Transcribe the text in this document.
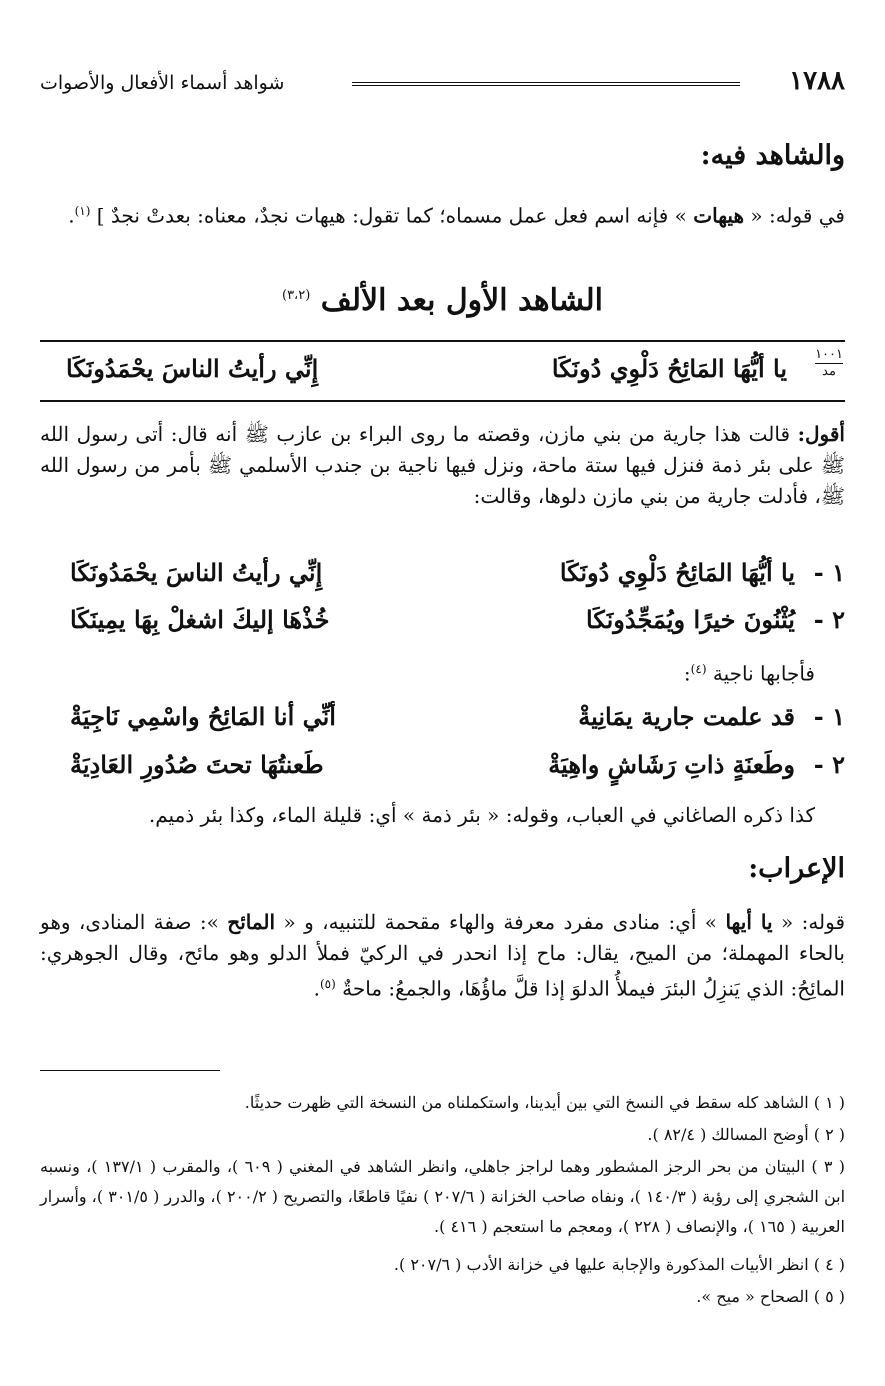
١٧٨٨
شواهد أسماء الأفعال والأصوات
والشاهد فيه:
في قوله: « هيهات » فإنه اسم فعل عمل مسماه؛ كما تقول: هيهات نجدٌ، معناه: بعدتْ نجدٌ ] $^{(١)}$.
الشاهد الأول بعد الألف $^{(٣،٢)}$
١٠٠١
مد
يا أيُّهَا المَائِحُ دَلْوِي دُونَكَا
إِنِّي رأيتُ الناسَ يحْمَدُونَكَا
أقول: قالت هذا جارية من بني مازن، وقصته ما روى البراء بن عازب ﷺ أنه قال: أتى رسول الله ﷺ على بئر ذمة فنزل فيها ستة ماحة، ونزل فيها ناجية بن جندب الأسلمي ﷺ بأمر من رسول الله ﷺ، فأدلت جارية من بني مازن دلوها، وقالت:
١ -
يا أيُّهَا المَائِحُ دَلْوِي دُونَكَا
إِنِّي رأيتُ الناسَ يحْمَدُونَكَا
٢ -
يُثْنُونَ خيرًا ويُمَجِّدُونَكَا
خُذْهَا إليكَ اشغلْ بِهَا يمِينَكَا
فأجابها ناجية $^{(٤)}$:
١ -
قد علمت جارية يمَانِيةْ
أنِّي أنا المَائِحُ واسْمِي نَاجِيَةْ
٢ -
وطَعنَةٍ ذاتِ رَشَاشٍ واهِيَةْ
طَعنتُهَا تحتَ صُدُورِ العَادِيَةْ
كذا ذكره الصاغاني في العباب، وقوله: « بئر ذمة » أي: قليلة الماء، وكذا بئر ذميم.
الإعراب:
قوله: « يا أيها » أي: منادى مفرد معرفة والهاء مقحمة للتنبيه، و « المائح »: صفة المنادى، وهو بالحاء المهملة؛ من الميح، يقال: ماح إذا انحدر في الركيّ فملأ الدلو وهو مائح، وقال الجوهري: المائِحُ: الذي يَنزِلُ البئرَ فيملأُ الدلوَ إذا قلَّ ماؤُهَا، والجمعُ: ماحةٌ $^{(٥)}$.
( ١ ) الشاهد كله سقط في النسخ التي بين أيدينا، واستكملناه من النسخة التي ظهرت حديثًا.
( ٢ ) أوضح المسالك ( ٨٢/٤ ).
( ٣ ) البيتان من بحر الرجز المشطور وهما لراجز جاهلي، وانظر الشاهد في المغني ( ٦٠٩ )، والمقرب ( ١٣٧/١ )، ونسبه ابن الشجري إلى رؤبة ( ١٤٠/٣ )، ونفاه صاحب الخزانة ( ٢٠٧/٦ ) نفيًا قاطعًا، والتصريح ( ٢٠٠/٢ )، والدرر ( ٣٠١/٥ )، وأسرار العربية ( ١٦٥ )، والإنصاف ( ٢٢٨ )، ومعجم ما استعجم ( ٤١٦ ).
( ٤ ) انظر الأبيات المذكورة والإجابة عليها في خزانة الأدب ( ٢٠٧/٦ ).
( ٥ ) الصحاح « ميح ».
